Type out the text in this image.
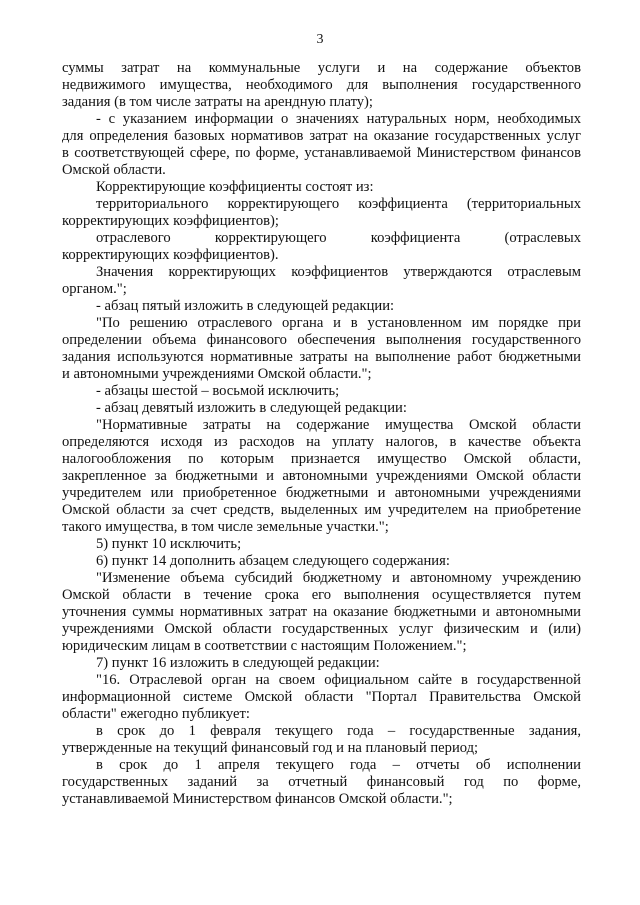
3
суммы затрат на коммунальные услуги и на содержание объектов
недвижимого имущества, необходимого для выполнения государственного
задания (в том числе затраты на арендную плату);
- с указанием информации о значениях натуральных норм, необходимых
для определения базовых нормативов затрат на оказание государственных услуг
в соответствующей сфере, по форме, устанавливаемой Министерством финансов
Омской области.
Корректирующие коэффициенты состоят из:
территориального корректирующего коэффициента (территориальных
корректирующих коэффициентов);
отраслевого корректирующего коэффициента (отраслевых
корректирующих коэффициентов).
Значения корректирующих коэффициентов утверждаются отраслевым
органом.";
- абзац пятый изложить в следующей редакции:
"По решению отраслевого органа и в установленном им порядке при
определении объема финансового обеспечения выполнения государственного
задания используются нормативные затраты на выполнение работ бюджетными
и автономными учреждениями Омской области.";
- абзацы шестой – восьмой исключить;
- абзац девятый изложить в следующей редакции:
"Нормативные затраты на содержание имущества Омской области
определяются исходя из расходов на уплату налогов, в качестве объекта
налогообложения по которым признается имущество Омской области,
закрепленное за бюджетными и автономными учреждениями Омской области
учредителем или приобретенное бюджетными и автономными учреждениями
Омской области за счет средств, выделенных им учредителем на приобретение
такого имущества, в том числе земельные участки.";
5) пункт 10 исключить;
6) пункт 14 дополнить абзацем следующего содержания:
"Изменение объема субсидий бюджетному и автономному учреждению
Омской области в течение срока его выполнения осуществляется путем
уточнения суммы нормативных затрат на оказание бюджетными и автономными
учреждениями Омской области государственных услуг физическим и (или)
юридическим лицам в соответствии с настоящим Положением.";
7) пункт 16 изложить в следующей редакции:
"16. Отраслевой орган на своем официальном сайте в государственной
информационной системе Омской области "Портал Правительства Омской
области" ежегодно публикует:
в срок до 1 февраля текущего года – государственные задания,
утвержденные на текущий финансовый год и на плановый период;
в срок до 1 апреля текущего года – отчеты об исполнении
государственных заданий за отчетный финансовый год по форме,
устанавливаемой Министерством финансов Омской области.";
